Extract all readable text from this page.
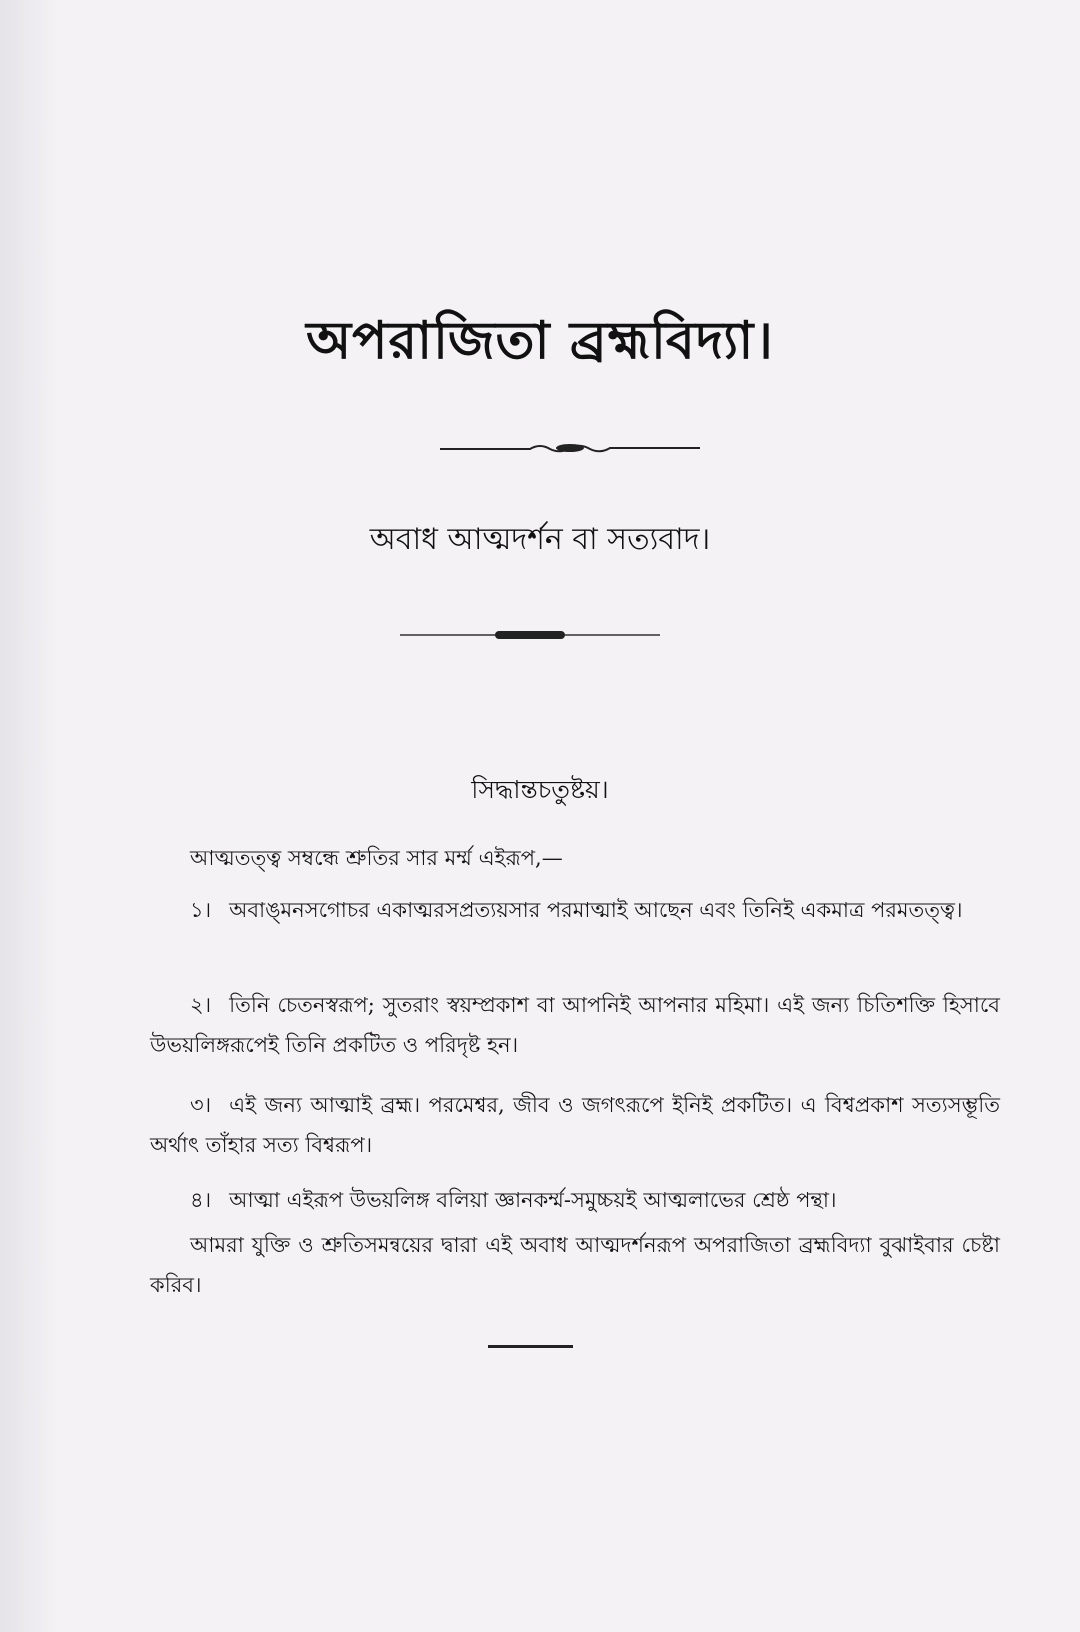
অপরাজিতা ব্রহ্মবিদ্যা।
অবাধ আত্মদর্শন বা সত্যবাদ।
সিদ্ধান্তচতুষ্টয়।
আত্মতত্ত্ব সম্বন্ধে শ্রুতির সার মর্ম্ম এইরূপ,—
১। অবাঙ্‌মনসগোচর একাত্মরসপ্রত্যয়সার পরমাত্মাই আছেন এবং তিনিই একমাত্র পরমতত্ত্ব।
২। তিনি চেতনস্বরূপ; সুতরাং স্বয়ম্প্রকাশ বা আপনিই আপনার মহিমা। এই জন্য চিতিশক্তি হিসাবে উভয়লিঙ্গরূপেই তিনি প্রকটিত ও পরিদৃষ্ট হন।
৩। এই জন্য আত্মাই ব্রহ্ম। পরমেশ্বর, জীব ও জগৎরূপে ইনিই প্রকটিত। এ বিশ্বপ্রকাশ সত্যসম্ভূতি অর্থাৎ তাঁহার সত্য বিশ্বরূপ।
৪। আত্মা এইরূপ উভয়লিঙ্গ বলিয়া জ্ঞানকর্ম্ম-সমুচ্চয়ই আত্মলাভের শ্রেষ্ঠ পন্থা।
আমরা যুক্তি ও শ্রুতিসমন্বয়ের দ্বারা এই অবাধ আত্মদর্শনরূপ অপরাজিতা ব্রহ্মবিদ্যা বুঝাইবার চেষ্টা করিব।
